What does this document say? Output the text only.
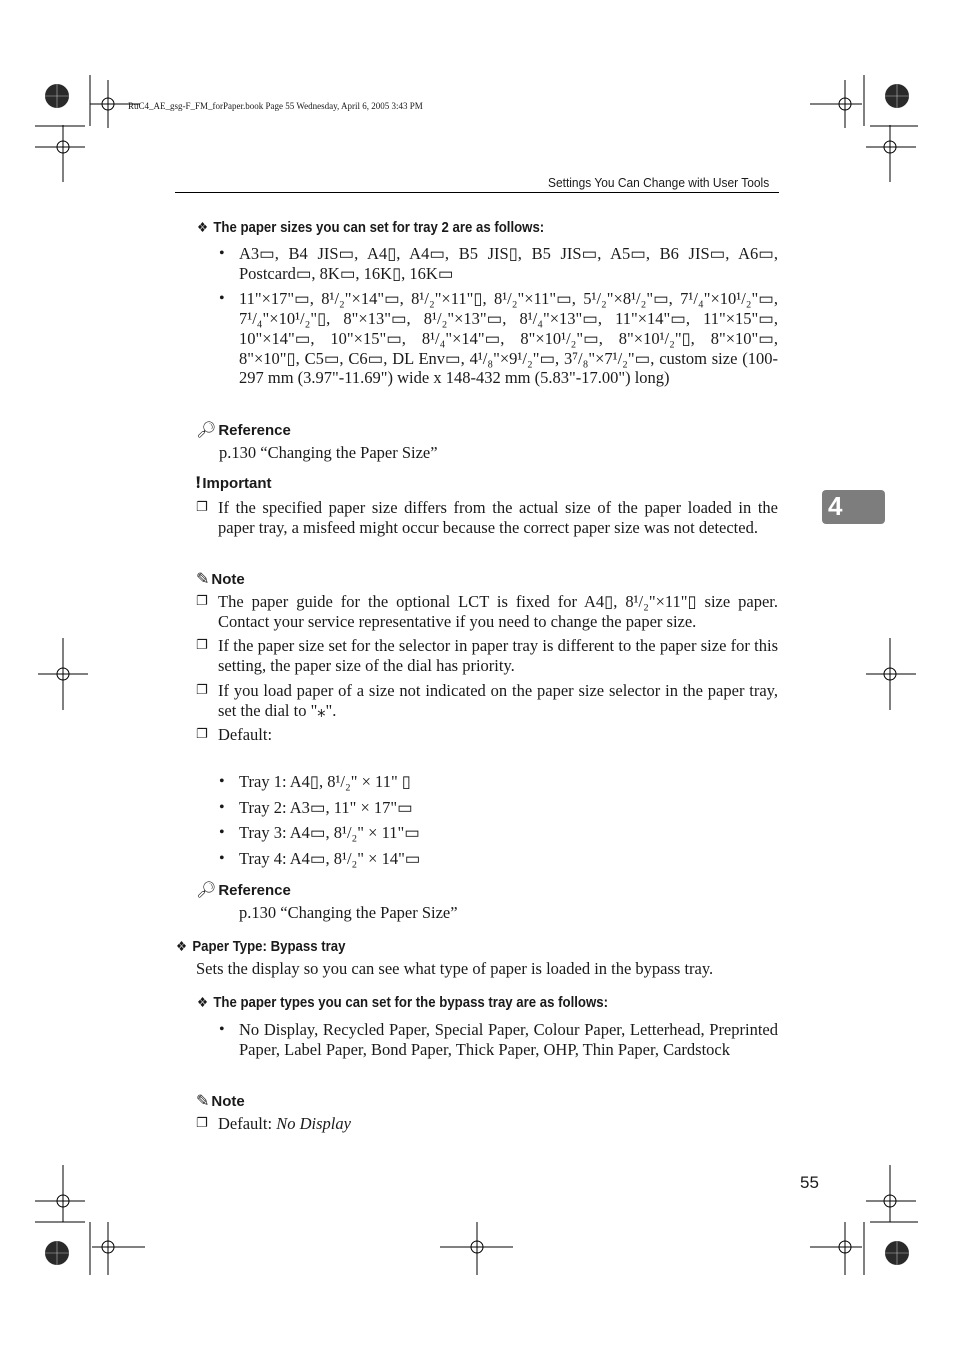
RuC4_AE_gsg-F_FM_forPaper.book Page 55 Wednesday, April 6, 2005 3:43 PM
Settings You Can Change with User Tools
4
❖ The paper sizes you can set for tray 2 are as follows:
• A3▭, B4 JIS▭, A4▯, A4▭, B5 JIS▯, B5 JIS▭, A5▭, B6 JIS▭, A6▭, Postcard▭, 8K▭, 16K▯, 16K▭
• 11"×17"▭, 8¹/₂"×14"▭, 8¹/₂"×11"▯, 8¹/₂"×11"▭, 5¹/₂"×8¹/₂"▭, 7¹/₄"×10¹/₂"▭, 7¹/₄"×10¹/₂"▯, 8"×13"▭, 8¹/₂"×13"▭, 8¹/₄"×13"▭, 11"×14"▭, 11"×15"▭, 10"×14"▭, 10"×15"▭, 8¹/₄"×14"▭, 8"×10¹/₂"▭, 8"×10¹/₂"▯, 8"×10"▭, 8"×10"▯, C5▭, C6▭, DL Env▭, 4¹/₈"×9¹/₂"▭, 3⁷/₈"×7¹/₂"▭, custom size (100-297 mm (3.97"-11.69") wide x 148-432 mm (5.83"-17.00") long)
🔎︎ Reference
p.130 “Changing the Paper Size”
❗︎ Important
❐ If the specified paper size differs from the actual size of the paper loaded in the paper tray, a misfeed might occur because the correct paper size was not detected.
✎ Note
❐ The paper guide for the optional LCT is fixed for A4▯, 8¹/₂"×11"▯ size paper. Contact your service representative if you need to change the paper size.
❐ If the paper size set for the selector in paper tray is different to the paper size for this setting, the paper size of the dial has priority.
❐ If you load paper of a size not indicated on the paper size selector in the paper tray, set the dial to "⁎".
❐ Default:
• Tray 1: A4▯, 8¹/₂" × 11" ▯
• Tray 2: A3▭, 11" × 17"▭
• Tray 3: A4▭, 8¹/₂" × 11"▭
• Tray 4: A4▭, 8¹/₂" × 14"▭
🔎︎ Reference
p.130 “Changing the Paper Size”
❖ Paper Type: Bypass tray
Sets the display so you can see what type of paper is loaded in the bypass tray.
❖ The paper types you can set for the bypass tray are as follows:
• No Display, Recycled Paper, Special Paper, Colour Paper, Letterhead, Preprinted Paper, Label Paper, Bond Paper, Thick Paper, OHP, Thin Paper, Cardstock
✎ Note
❐ Default: No Display
55
